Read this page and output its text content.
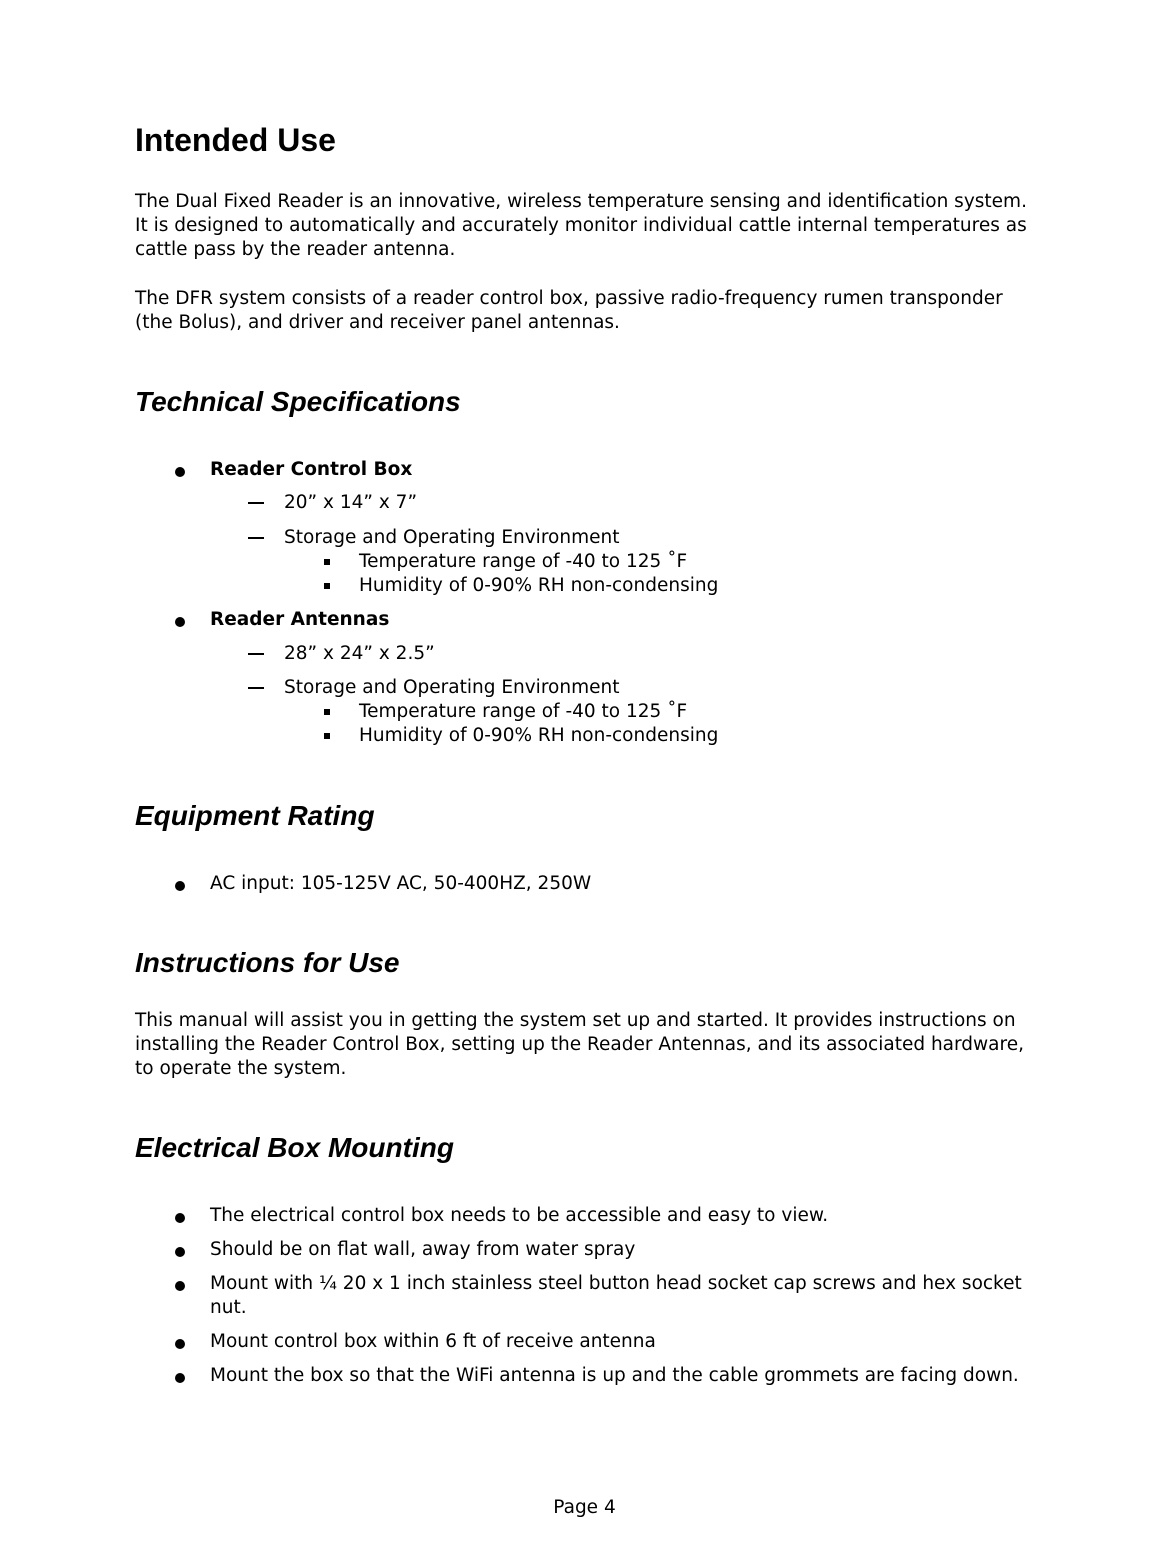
Intended Use

The Dual Fixed Reader is an innovative, wireless temperature sensing and identification system. It is designed to automatically and accurately monitor individual cattle internal temperatures as cattle pass by the reader antenna.

The DFR system consists of a reader control box, passive radio-frequency rumen transponder (the Bolus), and driver and receiver panel antennas.

Technical Specifications
Reader Control Box
20” x 14” x 7”
Storage and Operating Environment
Temperature range of -40 to 125 ˚F
Humidity of 0-90% RH non-condensing
Reader Antennas
28” x 24” x 2.5”
Storage and Operating Environment
Temperature range of -40 to 125 ˚F
Humidity of 0-90% RH non-condensing
Equipment Rating
AC input: 105-125V AC, 50-400HZ, 250W
Instructions for Use

This manual will assist you in getting the system set up and started. It provides instructions on installing the Reader Control Box, setting up the Reader Antennas, and its associated hardware, to operate the system.

Electrical Box Mounting
The electrical control box needs to be accessible and easy to view.
Should be on flat wall, away from water spray
Mount with ¼ 20 x 1 inch stainless steel button head socket cap screws and hex socket nut.
Mount control box within 6 ft of receive antenna
Mount the box so that the WiFi antenna is up and the cable grommets are facing down.
Page 4
